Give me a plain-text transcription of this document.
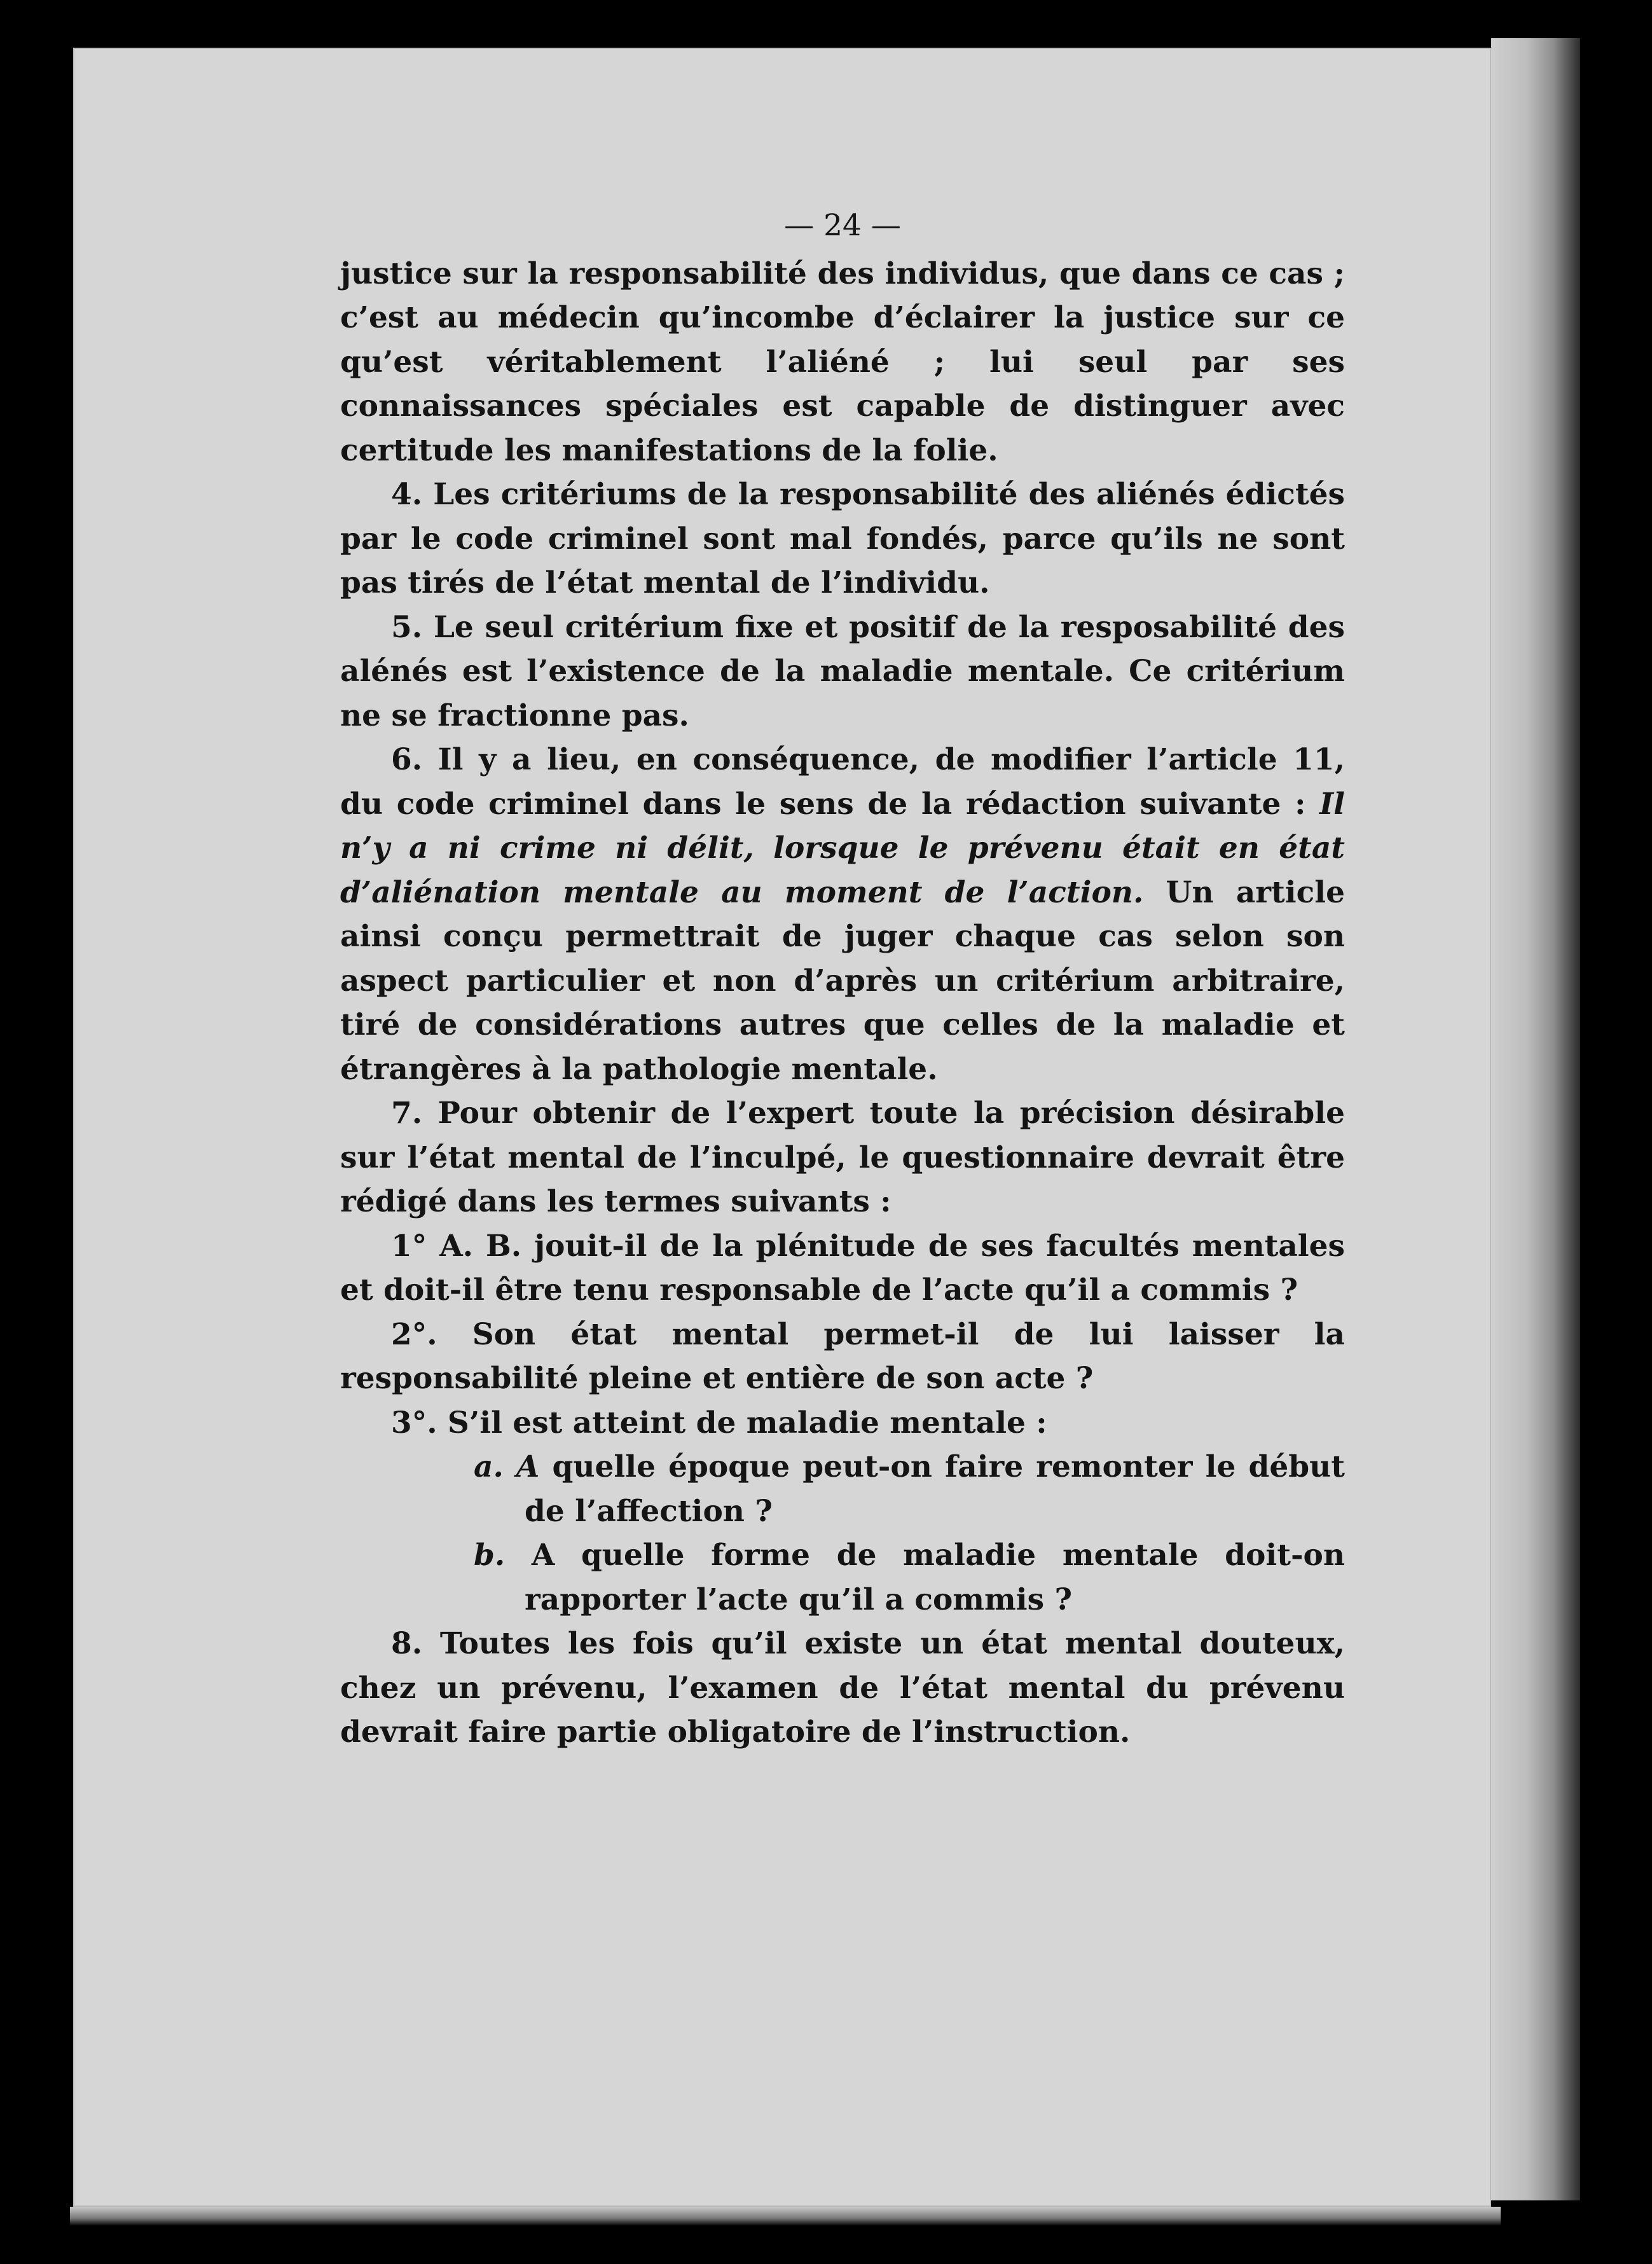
— 24 —

justice sur la responsabilité des individus, que dans ce cas ; c’est au médecin qu’incombe d’éclairer la justice sur ce qu’est véritablement l’aliéné ; lui seul par ses connaissances spéciales est capable de distinguer avec certitude les manifestations de la folie.

4. Les critériums de la responsabilité des aliénés édictés par le code criminel sont mal fondés, parce qu’ils ne sont pas tirés de l’état mental de l’individu.

5. Le seul critérium fixe et positif de la resposabilité des alénés est l’existence de la maladie mentale. Ce critérium ne se fractionne pas.

6. Il y a lieu, en conséquence, de modifier l’article 11, du code criminel dans le sens de la rédaction suivante : Il n’y a ni crime ni délit, lorsque le prévenu était en état d’aliénation mentale au moment de l’action. Un article ainsi conçu permettrait de juger chaque cas selon son aspect particulier et non d’après un critérium arbitraire, tiré de considérations autres que celles de la maladie et étrangères à la pathologie mentale.

7. Pour obtenir de l’expert toute la précision désirable sur l’état mental de l’inculpé, le questionnaire devrait être rédigé dans les termes suivants :

1° A. B. jouit-il de la plénitude de ses facultés mentales et doit-il être tenu responsable de l’acte qu’il a commis ?

2°. Son état mental permet-il de lui laisser la responsabilité pleine et entière de son acte ?

3°. S’il est atteint de maladie mentale :

a. A quelle époque peut-on faire remonter le début de l’affection ?

b. A quelle forme de maladie mentale doit-on rapporter l’acte qu’il a commis ?

8. Toutes les fois qu’il existe un état mental douteux, chez un prévenu, l’examen de l’état mental du prévenu devrait faire partie obligatoire de l’instruction.
